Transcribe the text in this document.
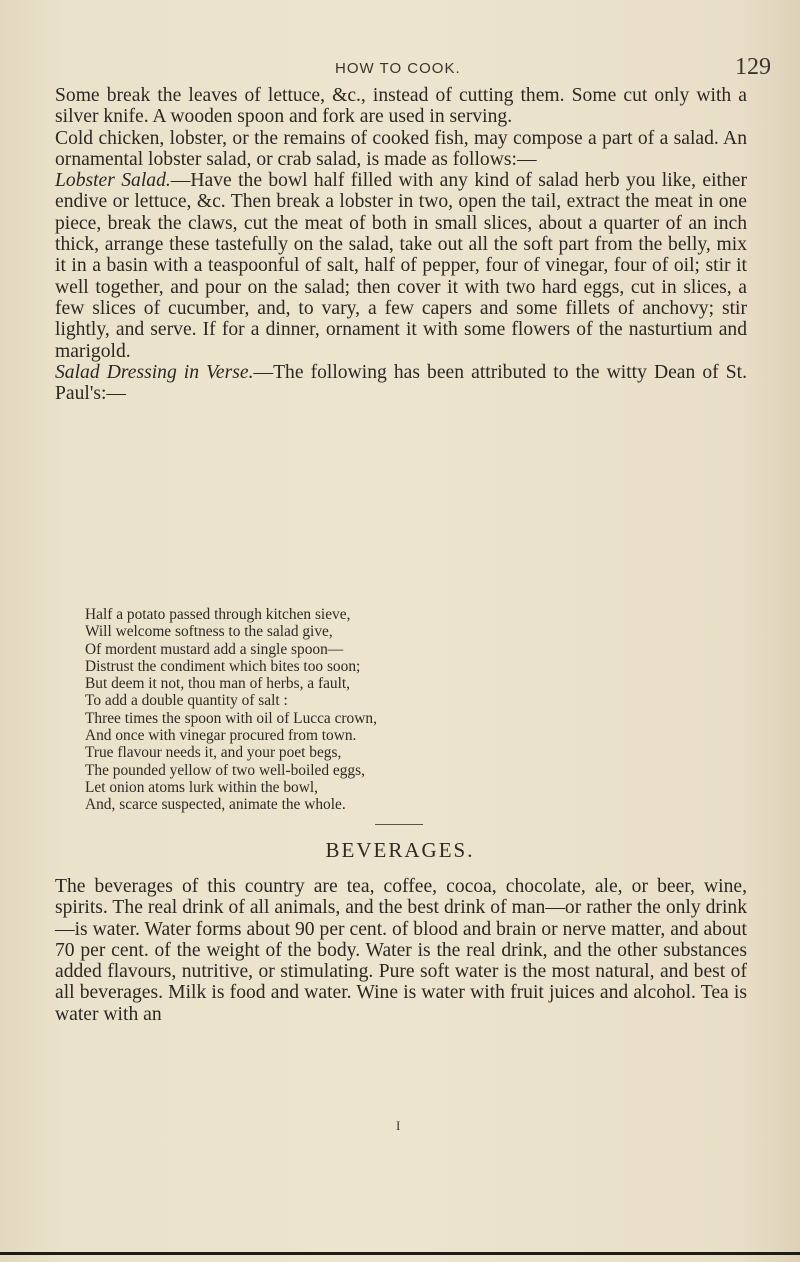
HOW TO COOK.	129

Some break the leaves of lettuce, &c., instead of cutting them. Some cut only with a silver knife. A wooden spoon and fork are used in serving.

Cold chicken, lobster, or the remains of cooked fish, may compose a part of a salad. An ornamental lobster salad, or crab salad, is made as follows:—

Lobster Salad.—Have the bowl half filled with any kind of salad herb you like, either endive or lettuce, &c. Then break a lobster in two, open the tail, extract the meat in one piece, break the claws, cut the meat of both in small slices, about a quarter of an inch thick, arrange these tastefully on the salad, take out all the soft part from the belly, mix it in a basin with a teaspoonful of salt, half of pepper, four of vinegar, four of oil; stir it well together, and pour on the salad; then cover it with two hard eggs, cut in slices, a few slices of cucumber, and, to vary, a few capers and some fillets of anchovy; stir lightly, and serve. If for a dinner, ornament it with some flowers of the nasturtium and marigold.

Salad Dressing in Verse.—The following has been attributed to the witty Dean of St. Paul's:—

Half a potato passed through kitchen sieve,
Will welcome softness to the salad give,
Of mordent mustard add a single spoon—
Distrust the condiment which bites too soon;
But deem it not, thou man of herbs, a fault,
To add a double quantity of salt :
Three times the spoon with oil of Lucca crown,
And once with vinegar procured from town.
True flavour needs it, and your poet begs,
The pounded yellow of two well-boiled eggs,
Let onion atoms lurk within the bowl,
And, scarce suspected, animate the whole.
BEVERAGES.
The beverages of this country are tea, coffee, cocoa, chocolate, ale, or beer, wine, spirits. The real drink of all animals, and the best drink of man—or rather the only drink—is water. Water forms about 90 per cent. of blood and brain or nerve matter, and about 70 per cent. of the weight of the body. Water is the real drink, and the other substances added flavours, nutritive, or stimulating. Pure soft water is the most natural, and best of all beverages. Milk is food and water. Wine is water with fruit juices and alcohol. Tea is water with an
I
